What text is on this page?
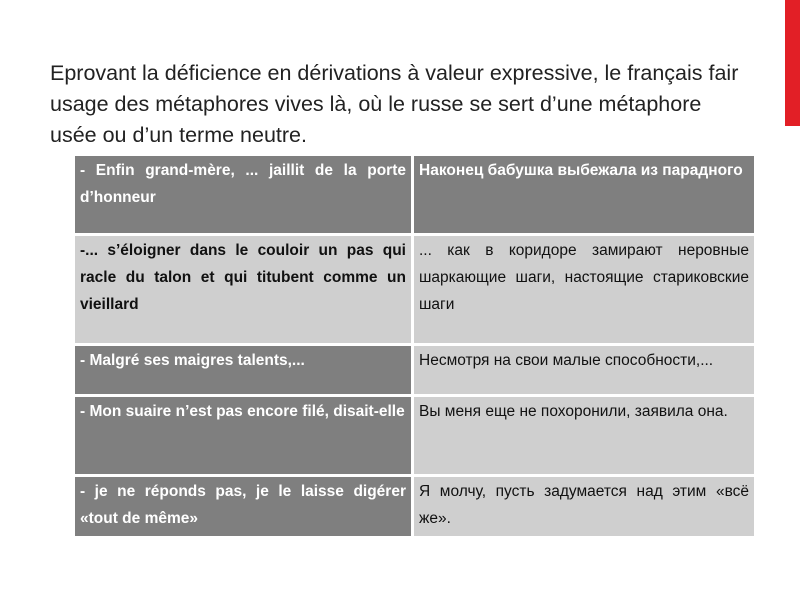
Eprovant la déficience en dérivations à valeur expressive, le français fair usage des métaphores vives là, où le russe se sert d’une métaphore usée ou d’un terme neutre.

- Enfin grand-mère, ... jaillit de la porte d’honneur	Наконец бабушка выбежала из парадного
-... s’éloigner dans le couloir un pas qui racle du talon et qui titubent comme un vieillard	... как в коридоре замирают неровные шаркающие шаги, настоящие стариковские шаги
- Malgré ses maigres talents,...	Несмотря на свои малые способности,...
- Mon suaire n’est pas encore filé, disait-elle	Вы меня еще не похоронили, заявила она.
- je ne réponds pas, je le laisse digérer «tout de même»	Я молчу, пусть задумается над этим «всё же».
